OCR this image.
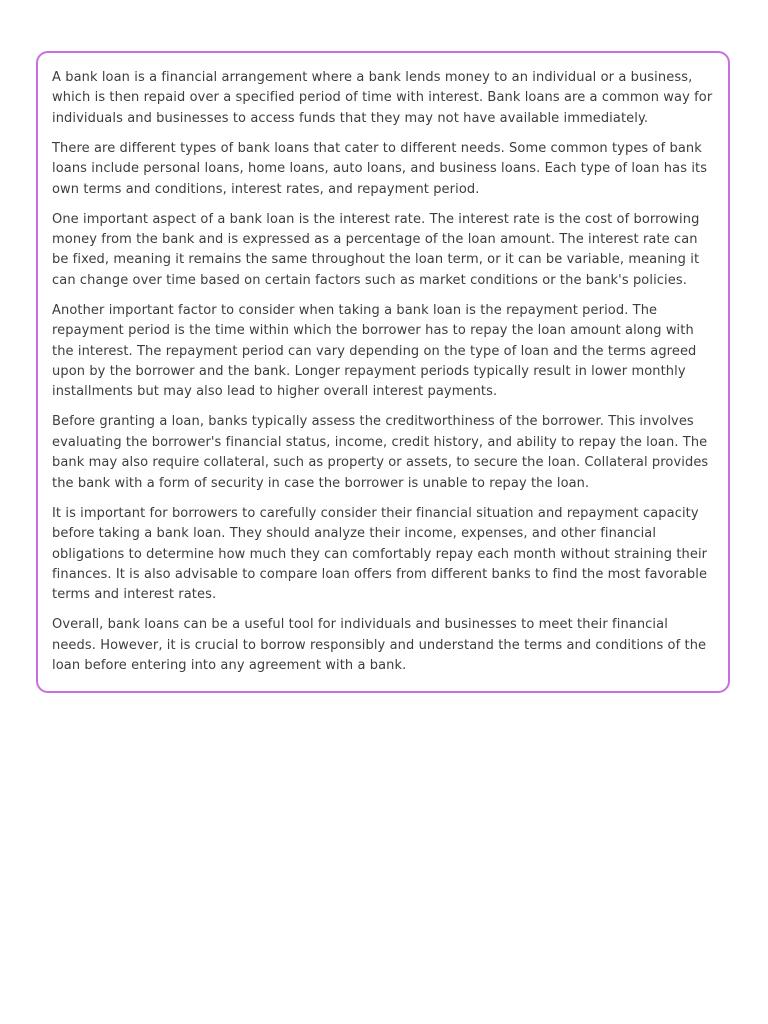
A bank loan is a financial arrangement where a bank lends money to an individual or a business, which is then repaid over a specified period of time with interest. Bank loans are a common way for individuals and businesses to access funds that they may not have available immediately.

There are different types of bank loans that cater to different needs. Some common types of bank loans include personal loans, home loans, auto loans, and business loans. Each type of loan has its own terms and conditions, interest rates, and repayment period.

One important aspect of a bank loan is the interest rate. The interest rate is the cost of borrowing money from the bank and is expressed as a percentage of the loan amount. The interest rate can be fixed, meaning it remains the same throughout the loan term, or it can be variable, meaning it can change over time based on certain factors such as market conditions or the bank's policies.

Another important factor to consider when taking a bank loan is the repayment period. The repayment period is the time within which the borrower has to repay the loan amount along with the interest. The repayment period can vary depending on the type of loan and the terms agreed upon by the borrower and the bank. Longer repayment periods typically result in lower monthly installments but may also lead to higher overall interest payments.

Before granting a loan, banks typically assess the creditworthiness of the borrower. This involves evaluating the borrower's financial status, income, credit history, and ability to repay the loan. The bank may also require collateral, such as property or assets, to secure the loan. Collateral provides the bank with a form of security in case the borrower is unable to repay the loan.

It is important for borrowers to carefully consider their financial situation and repayment capacity before taking a bank loan. They should analyze their income, expenses, and other financial obligations to determine how much they can comfortably repay each month without straining their finances. It is also advisable to compare loan offers from different banks to find the most favorable terms and interest rates.

Overall, bank loans can be a useful tool for individuals and businesses to meet their financial needs. However, it is crucial to borrow responsibly and understand the terms and conditions of the loan before entering into any agreement with a bank.
